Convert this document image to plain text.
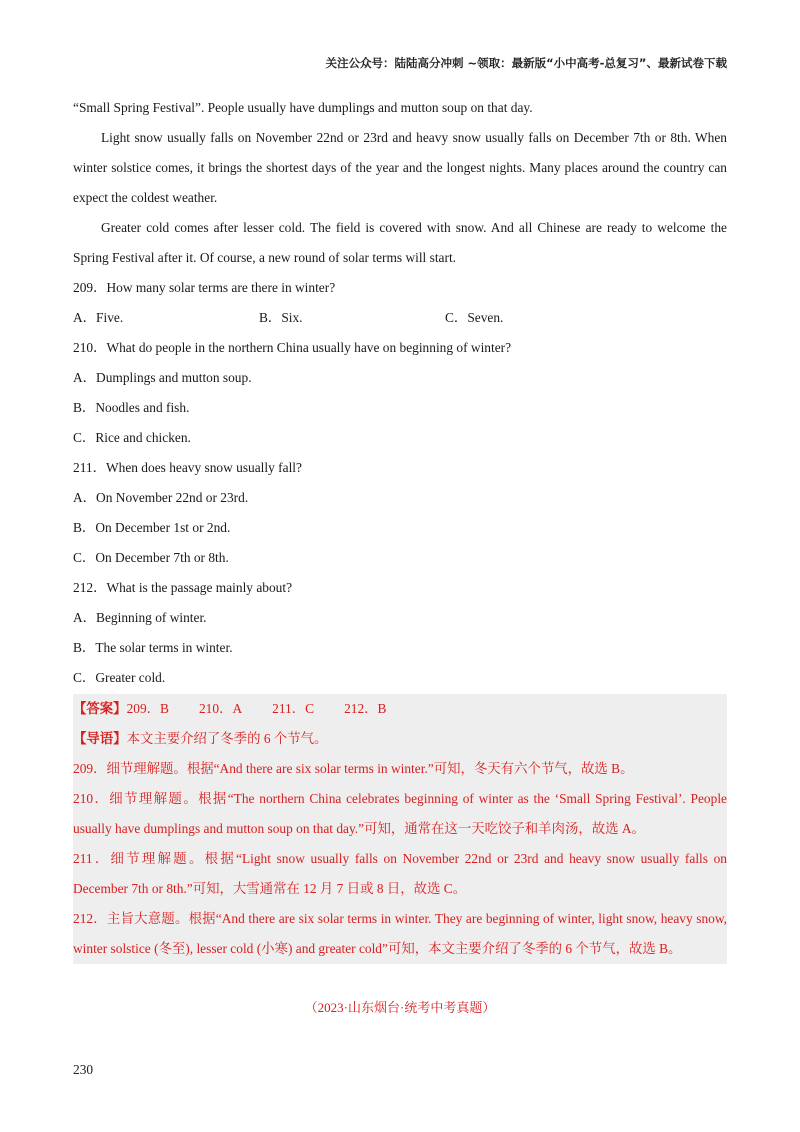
关注公众号：陆陆高分冲刺 ~领取：最新版“小中高考-总复习”、最新试卷下载
“Small Spring Festival”. People usually have dumplings and mutton soup on that day.
Light snow usually falls on November 22nd or 23rd and heavy snow usually falls on December 7th or 8th. When winter solstice comes, it brings the shortest days of the year and the longest nights. Many places around the country can expect the coldest weather.
Greater cold comes after lesser cold. The field is covered with snow. And all Chinese are ready to welcome the Spring Festival after it. Of course, a new round of solar terms will start.
209．How many solar terms are there in winter?
A．Five.	B．Six.	C．Seven.
210．What do people in the northern China usually have on beginning of winter?
A．Dumplings and mutton soup.
B．Noodles and fish.
C．Rice and chicken.
211．When does heavy snow usually fall?
A．On November 22nd or 23rd.
B．On December 1st or 2nd.
C．On December 7th or 8th.
212．What is the passage mainly about?
A．Beginning of winter.
B．The solar terms in winter.
C．Greater cold.
【答案】209．B 210．A 211．C 212．B
【导语】本文主要介绍了冬季的 6 个节气。
209．细节理解题。根据“And there are six solar terms in winter.”可知，冬天有六个节气，故选 B。
210．细节理解题。根据“The northern China celebrates beginning of winter as the ‘Small Spring Festival’. People usually have dumplings and mutton soup on that day.”可知，通常在这一天吃饺子和羊肉汤，故选 A。
211．细节理解题。根据“Light snow usually falls on November 22nd or 23rd and heavy snow usually falls on December 7th or 8th.”可知，大雪通常在 12 月 7 日或 8 日，故选 C。
212．主旨大意题。根据“And there are six solar terms in winter. They are beginning of winter, light snow, heavy snow, winter solstice (冬至), lesser cold (小寒) and greater cold”可知，本文主要介绍了冬季的 6 个节气，故选 B。
（2023·山东烟台·统考中考真题）
230
